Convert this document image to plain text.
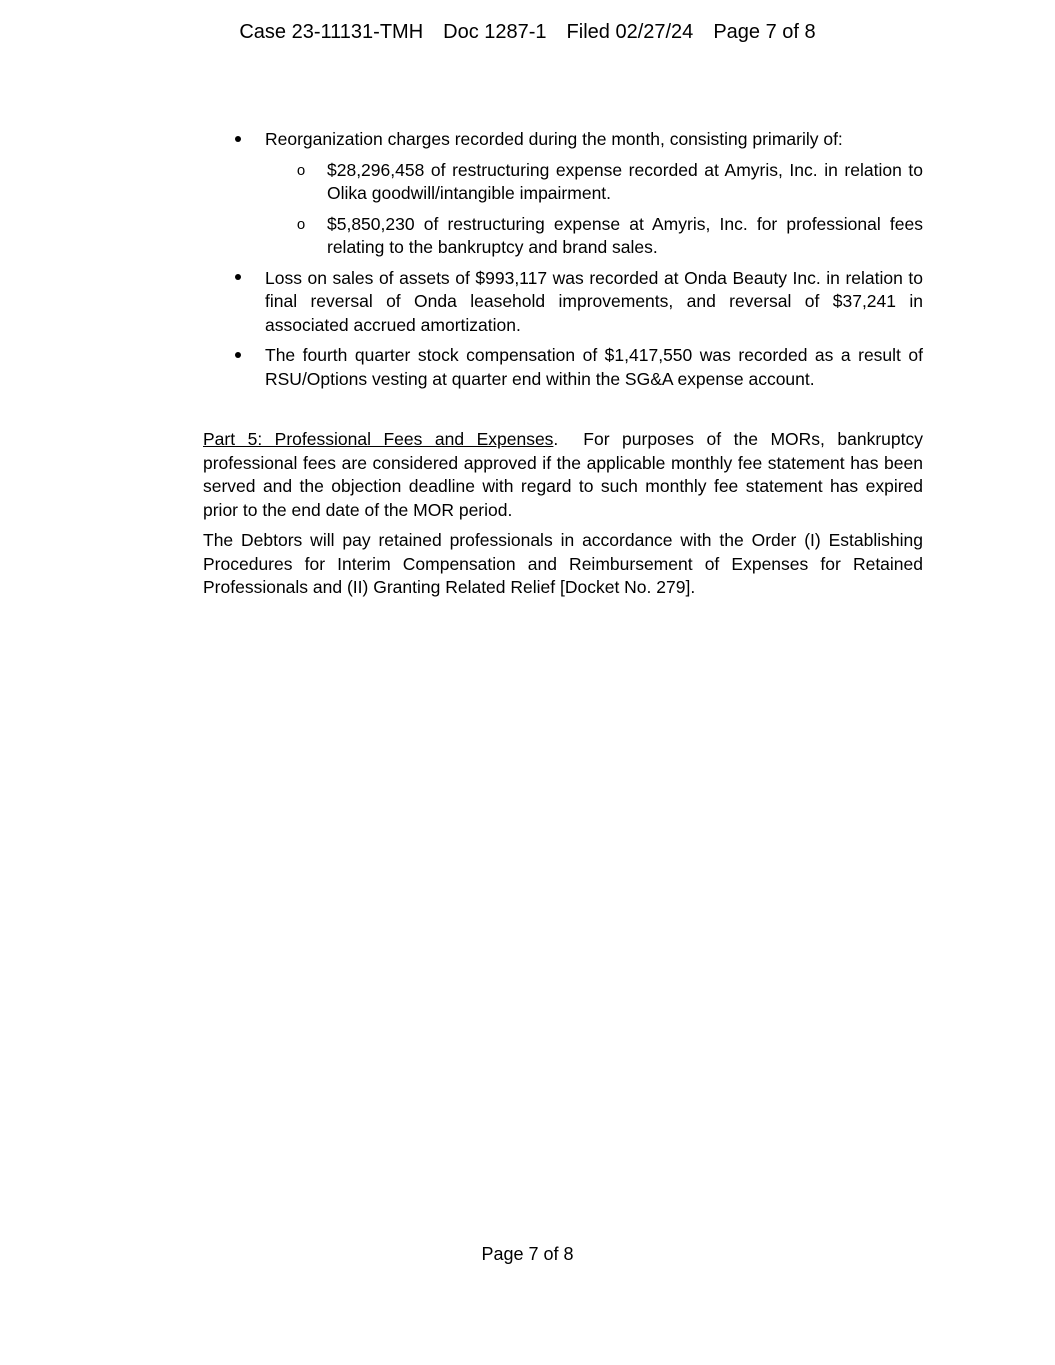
Case 23-11131-TMH Doc 1287-1 Filed 02/27/24 Page 7 of 8
Reorganization charges recorded during the month, consisting primarily of:
o $28,296,458 of restructuring expense recorded at Amyris, Inc. in relation to Olika goodwill/intangible impairment.
o $5,850,230 of restructuring expense at Amyris, Inc. for professional fees relating to the bankruptcy and brand sales.
Loss on sales of assets of $993,117 was recorded at Onda Beauty Inc. in relation to final reversal of Onda leasehold improvements, and reversal of $37,241 in associated accrued amortization.
The fourth quarter stock compensation of $1,417,550 was recorded as a result of RSU/Options vesting at quarter end within the SG&A expense account.

Part 5: Professional Fees and Expenses. For purposes of the MORs, bankruptcy professional fees are considered approved if the applicable monthly fee statement has been served and the objection deadline with regard to such monthly fee statement has expired prior to the end date of the MOR period.

The Debtors will pay retained professionals in accordance with the Order (I) Establishing Procedures for Interim Compensation and Reimbursement of Expenses for Retained Professionals and (II) Granting Related Relief [Docket No. 279].

Page 7 of 8
